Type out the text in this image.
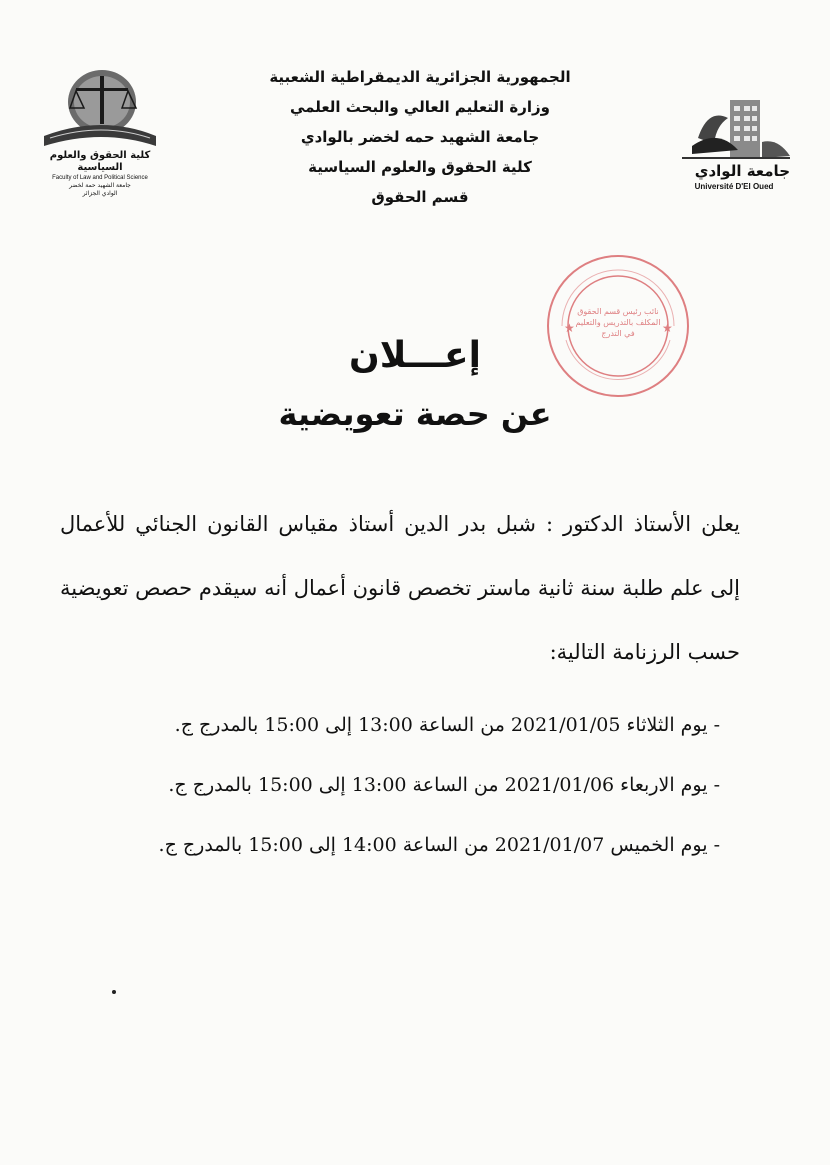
كلية الحقوق والعلوم السياسية
Faculty of Law and Political Science
جامعة الشهيد حمة لخضر
الوادي الجزائر
الجمهورية الجزائرية الديمقراطية الشعبية
وزارة التعليم العالي والبحث العلمي
جامعة الشهيد حمه لخضر بالوادي
كلية الحقوق والعلوم السياسية
قسم الحقوق
جامعة الوادي
Université D'El Oued
★	★
نائب رئيس قسم الحقوق المكلف بالتدريس والتعليم في التدرج
إعـــلان
عن حصة تعويضية

يعلن الأستاذ الدكتور : شبل بدر الدين أستاذ مقياس القانون الجنائي للأعمال إلى علم طلبة سنة ثانية ماستر تخصص قانون أعمال أنه سيقدم حصص تعويضية حسب الرزنامة التالية:

- يوم الثلاثاء 2021/01/05 من الساعة 13:00 إلى 15:00 بالمدرج ج.
- يوم الاربعاء 2021/01/06 من الساعة 13:00 إلى 15:00 بالمدرج ج.
- يوم الخميس 2021/01/07 من الساعة 14:00 إلى 15:00 بالمدرج ج.
